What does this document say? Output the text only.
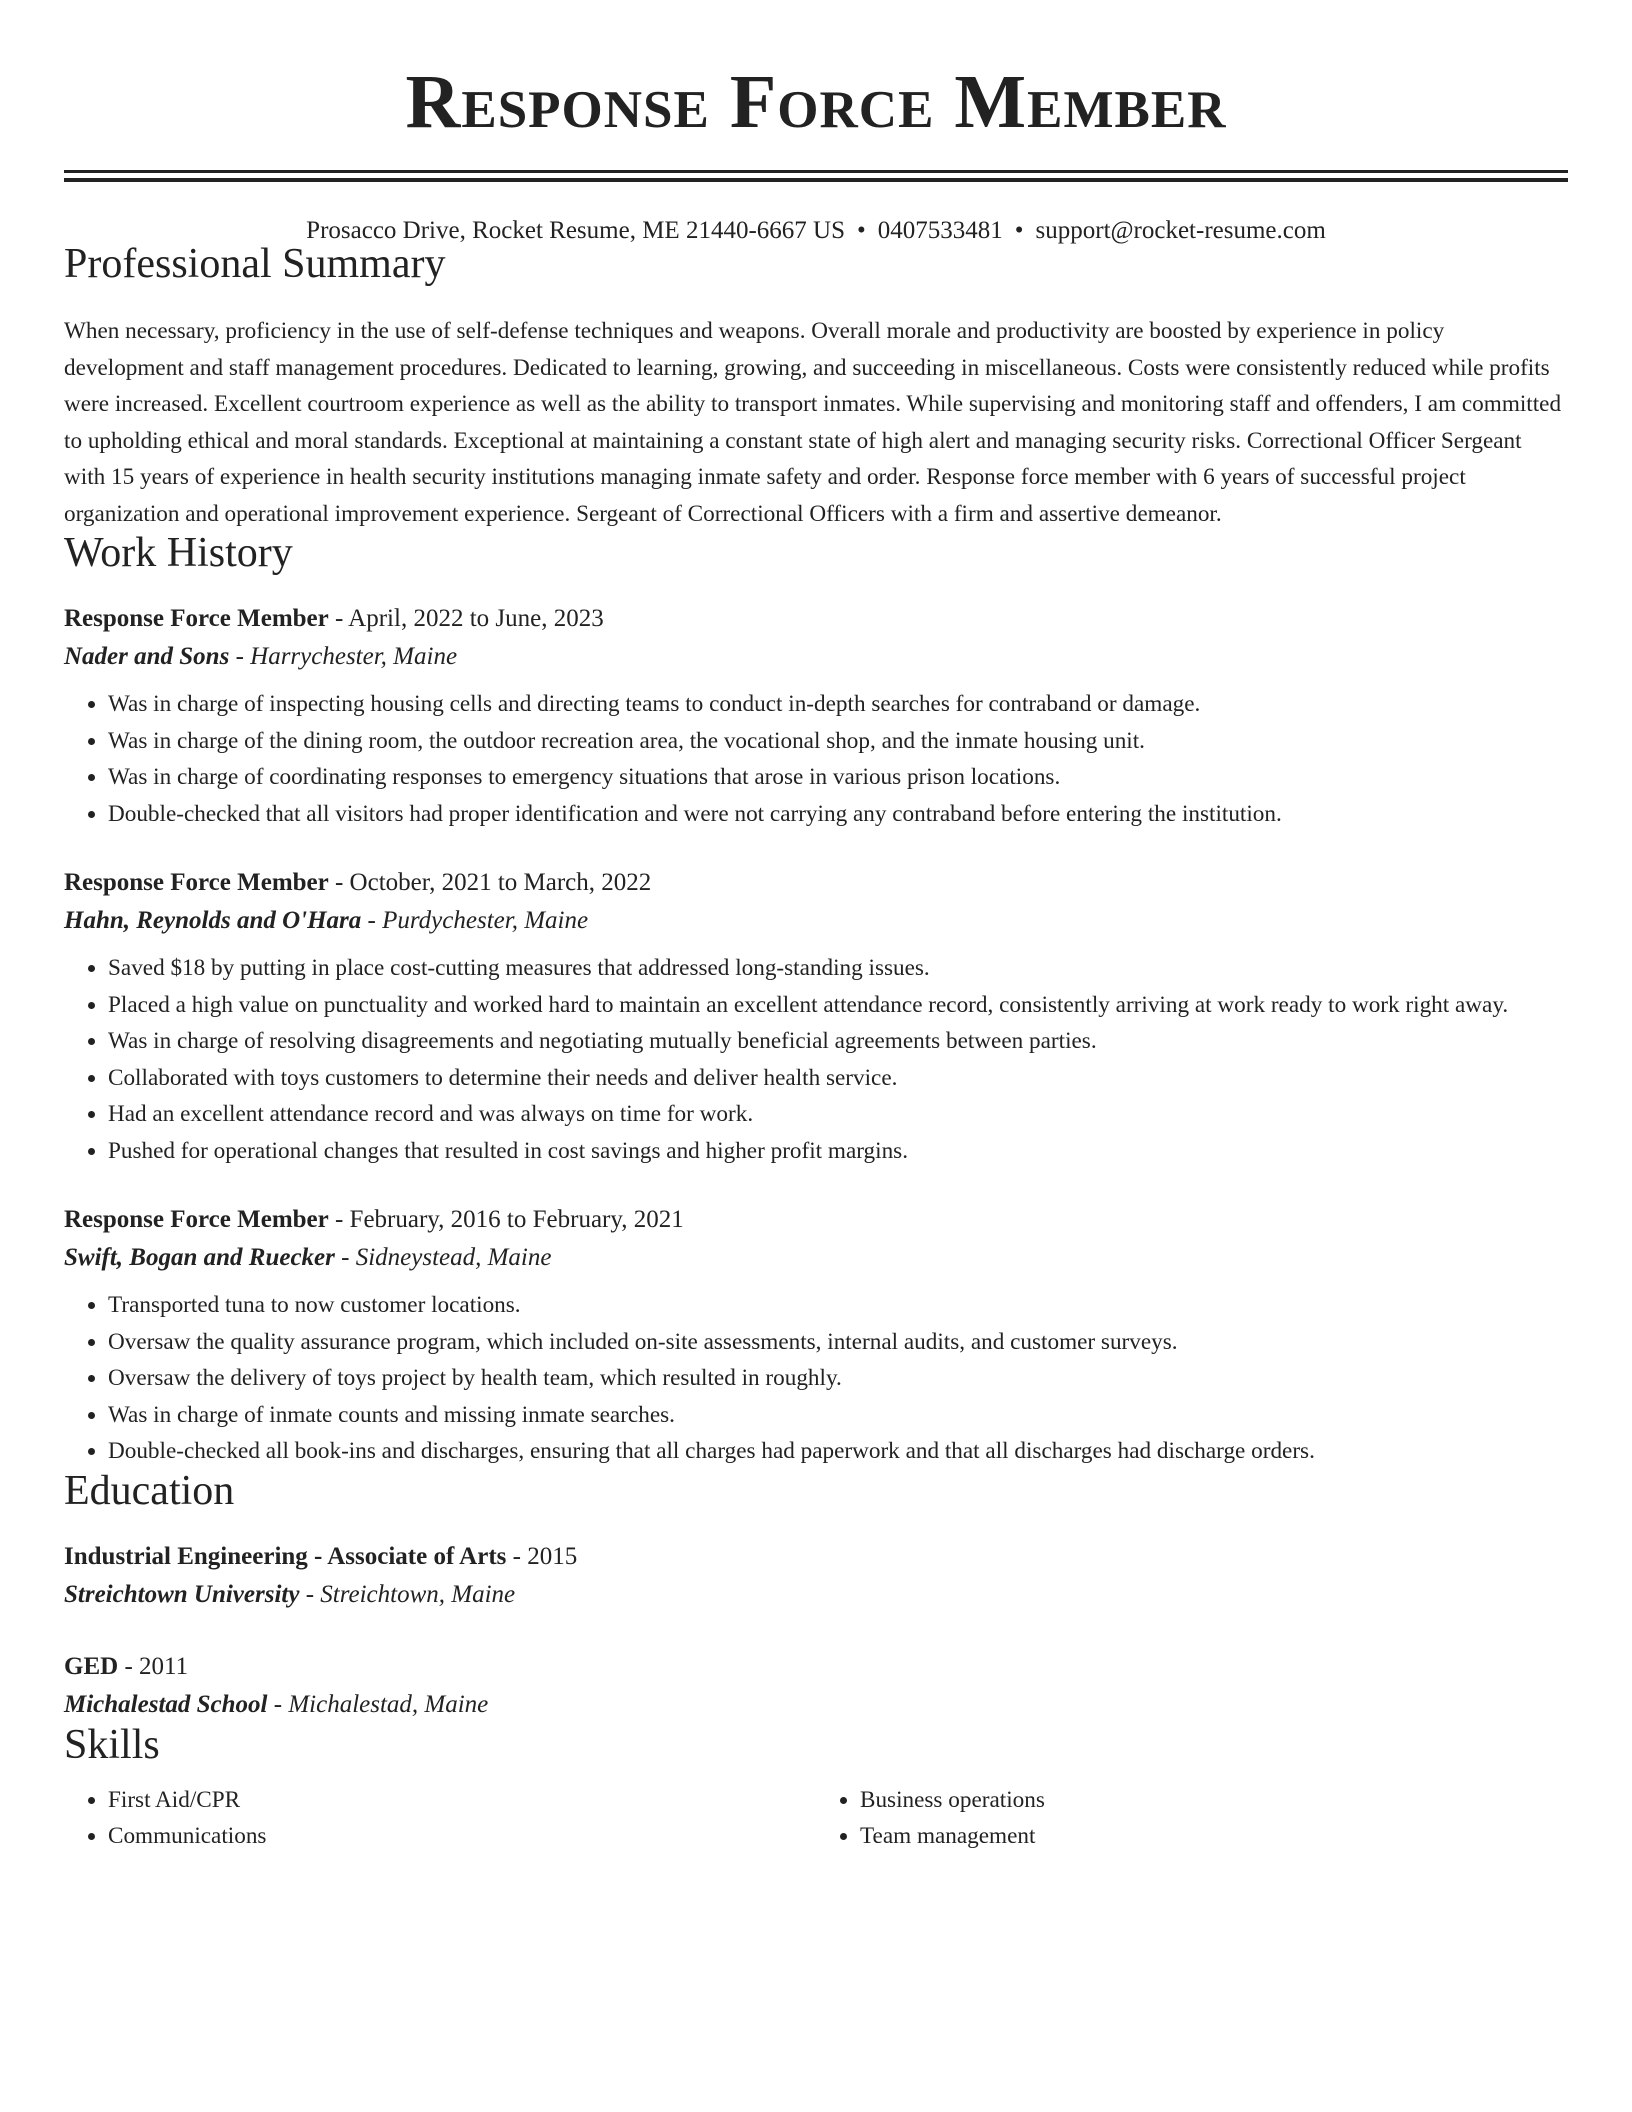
Response Force Member
Prosacco Drive, Rocket Resume, ME 21440-6667 US • 0407533481 • support@rocket-resume.com
Professional Summary
When necessary, proficiency in the use of self-defense techniques and weapons. Overall morale and productivity are boosted by experience in policy development and staff management procedures. Dedicated to learning, growing, and succeeding in miscellaneous. Costs were consistently reduced while profits were increased. Excellent courtroom experience as well as the ability to transport inmates. While supervising and monitoring staff and offenders, I am committed to upholding ethical and moral standards. Exceptional at maintaining a constant state of high alert and managing security risks. Correctional Officer Sergeant with 15 years of experience in health security institutions managing inmate safety and order. Response force member with 6 years of successful project organization and operational improvement experience. Sergeant of Correctional Officers with a firm and assertive demeanor.
Work History
Response Force Member - April, 2022 to June, 2023
Nader and Sons - Harrychester, Maine
• Was in charge of inspecting housing cells and directing teams to conduct in-depth searches for contraband or damage.
• Was in charge of the dining room, the outdoor recreation area, the vocational shop, and the inmate housing unit.
• Was in charge of coordinating responses to emergency situations that arose in various prison locations.
• Double-checked that all visitors had proper identification and were not carrying any contraband before entering the institution.
Response Force Member - October, 2021 to March, 2022
Hahn, Reynolds and O'Hara - Purdychester, Maine
• Saved $18 by putting in place cost-cutting measures that addressed long-standing issues.
• Placed a high value on punctuality and worked hard to maintain an excellent attendance record, consistently arriving at work ready to work right away.
• Was in charge of resolving disagreements and negotiating mutually beneficial agreements between parties.
• Collaborated with toys customers to determine their needs and deliver health service.
• Had an excellent attendance record and was always on time for work.
• Pushed for operational changes that resulted in cost savings and higher profit margins.
Response Force Member - February, 2016 to February, 2021
Swift, Bogan and Ruecker - Sidneystead, Maine
• Transported tuna to now customer locations.
• Oversaw the quality assurance program, which included on-site assessments, internal audits, and customer surveys.
• Oversaw the delivery of toys project by health team, which resulted in roughly.
• Was in charge of inmate counts and missing inmate searches.
• Double-checked all book-ins and discharges, ensuring that all charges had paperwork and that all discharges had discharge orders.
Education
Industrial Engineering - Associate of Arts - 2015
Streichtown University - Streichtown, Maine
GED - 2011
Michalestad School - Michalestad, Maine
Skills
• First Aid/CPR
• Communications
• Business operations
• Team management
